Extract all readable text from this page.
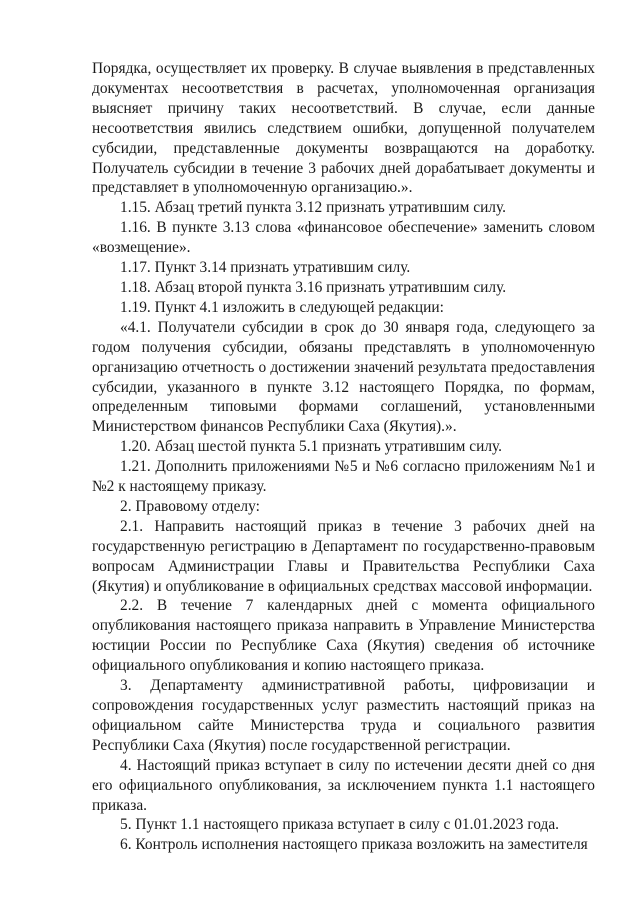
Порядка, осуществляет их проверку. В случае выявления в представленных документах несоответствия в расчетах, уполномоченная организация выясняет причину таких несоответствий. В случае, если данные несоответствия явились следствием ошибки, допущенной получателем субсидии, представленные документы возвращаются на доработку. Получатель субсидии в течение 3 рабочих дней дорабатывает документы и представляет в уполномоченную организацию.».

1.15. Абзац третий пункта 3.12 признать утратившим силу.

1.16. В пункте 3.13 слова «финансовое обеспечение» заменить словом «возмещение».

1.17. Пункт 3.14 признать утратившим силу.

1.18. Абзац второй пункта 3.16 признать утратившим силу.

1.19. Пункт 4.1 изложить в следующей редакции:

«4.1. Получатели субсидии в срок до 30 января года, следующего за годом получения субсидии, обязаны представлять в уполномоченную организацию отчетность о достижении значений результата предоставления субсидии, указанного в пункте 3.12 настоящего Порядка, по формам, определенным типовыми формами соглашений, установленными Министерством финансов Республики Саха (Якутия).».

1.20. Абзац шестой пункта 5.1 признать утратившим силу.

1.21. Дополнить приложениями №5 и №6 согласно приложениям №1 и №2 к настоящему приказу.

2. Правовому отделу:

2.1. Направить настоящий приказ в течение 3 рабочих дней на государственную регистрацию в Департамент по государственно-правовым вопросам Администрации Главы и Правительства Республики Саха (Якутия) и опубликование в официальных средствах массовой информации.

2.2. В течение 7 календарных дней с момента официального опубликования настоящего приказа направить в Управление Министерства юстиции России по Республике Саха (Якутия) сведения об источнике официального опубликования и копию настоящего приказа.

3. Департаменту административной работы, цифровизации и сопровождения государственных услуг разместить настоящий приказ на официальном сайте Министерства труда и социального развития Республики Саха (Якутия) после государственной регистрации.

4. Настоящий приказ вступает в силу по истечении десяти дней со дня его официального опубликования, за исключением пункта 1.1 настоящего приказа.

5. Пункт 1.1 настоящего приказа вступает в силу с 01.01.2023 года.

6. Контроль исполнения настоящего приказа возложить на заместителя
